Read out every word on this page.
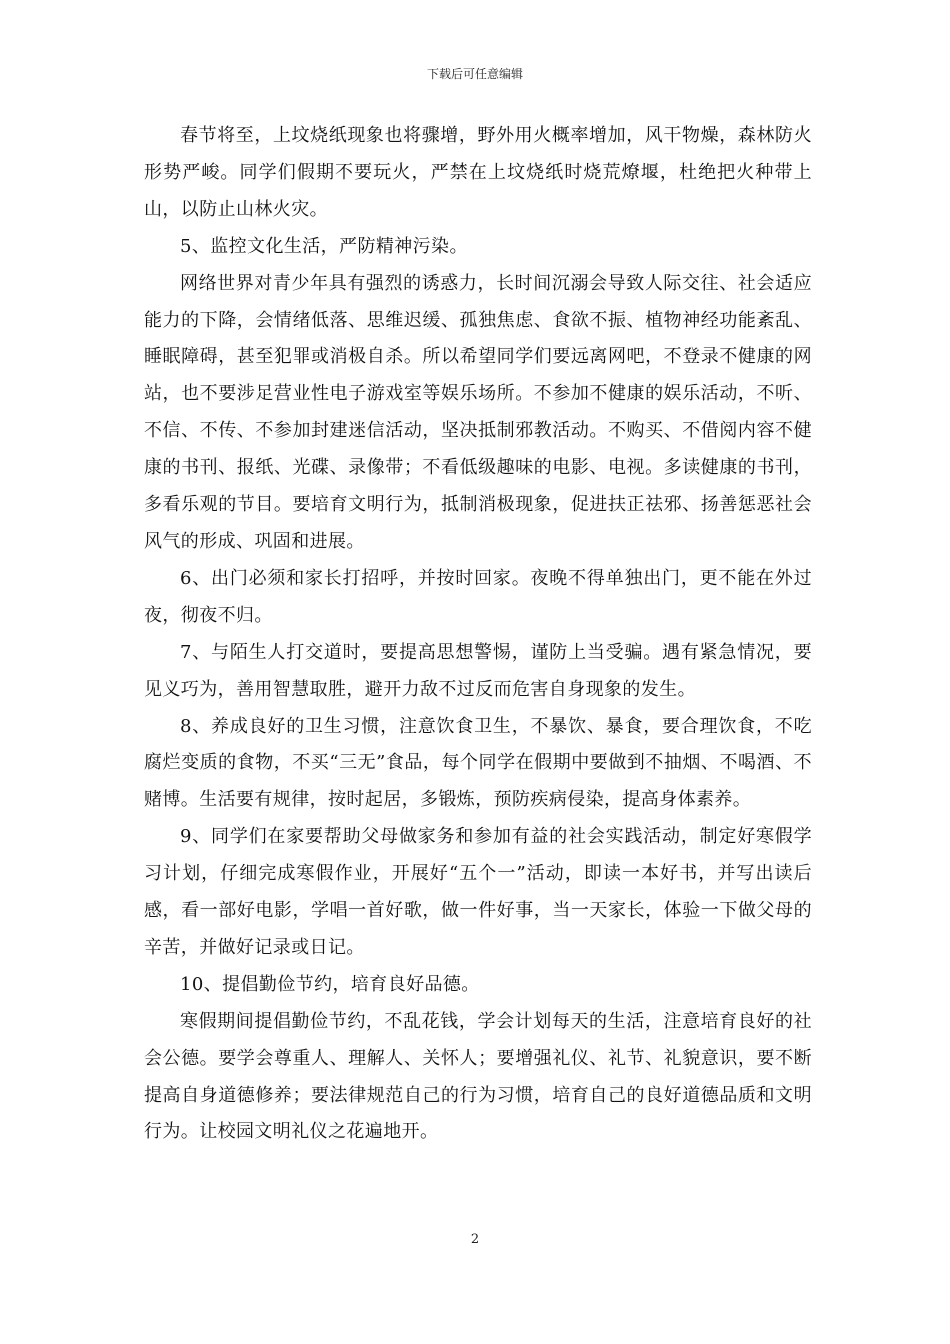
下载后可任意编辑

春节将至，上坟烧纸现象也将骤增，野外用火概率增加，风干物燥，森林防火形势严峻。同学们假期不要玩火，严禁在上坟烧纸时烧荒燎堰，杜绝把火种带上山，以防止山林火灾。

5、监控文化生活，严防精神污染。

网络世界对青少年具有强烈的诱惑力，长时间沉溺会导致人际交往、社会适应能力的下降，会情绪低落、思维迟缓、孤独焦虑、食欲不振、植物神经功能紊乱、睡眠障碍，甚至犯罪或消极自杀。所以希望同学们要远离网吧，不登录不健康的网站，也不要涉足营业性电子游戏室等娱乐场所。不参加不健康的娱乐活动，不听、不信、不传、不参加封建迷信活动，坚决抵制邪教活动。不购买、不借阅内容不健康的书刊、报纸、光碟、录像带；不看低级趣味的电影、电视。多读健康的书刊，多看乐观的节目。要培育文明行为，抵制消极现象，促进扶正祛邪、扬善惩恶社会风气的形成、巩固和进展。

6、出门必须和家长打招呼，并按时回家。夜晚不得单独出门，更不能在外过夜，彻夜不归。

7、与陌生人打交道时，要提高思想警惕，谨防上当受骗。遇有紧急情况，要见义巧为，善用智慧取胜，避开力敌不过反而危害自身现象的发生。

8、养成良好的卫生习惯，注意饮食卫生，不暴饮、暴食，要合理饮食，不吃腐烂变质的食物，不买“三无”食品，每个同学在假期中要做到不抽烟、不喝酒、不赌博。生活要有规律，按时起居，多锻炼，预防疾病侵染，提高身体素养。

9、同学们在家要帮助父母做家务和参加有益的社会实践活动，制定好寒假学习计划，仔细完成寒假作业，开展好“五个一”活动，即读一本好书，并写出读后感，看一部好电影，学唱一首好歌，做一件好事，当一天家长，体验一下做父母的辛苦，并做好记录或日记。

10、提倡勤俭节约，培育良好品德。

寒假期间提倡勤俭节约，不乱花钱，学会计划每天的生活，注意培育良好的社会公德。要学会尊重人、理解人、关怀人；要增强礼仪、礼节、礼貌意识，要不断提高自身道德修养；要法律规范自己的行为习惯，培育自己的良好道德品质和文明行为。让校园文明礼仪之花遍地开。

2
